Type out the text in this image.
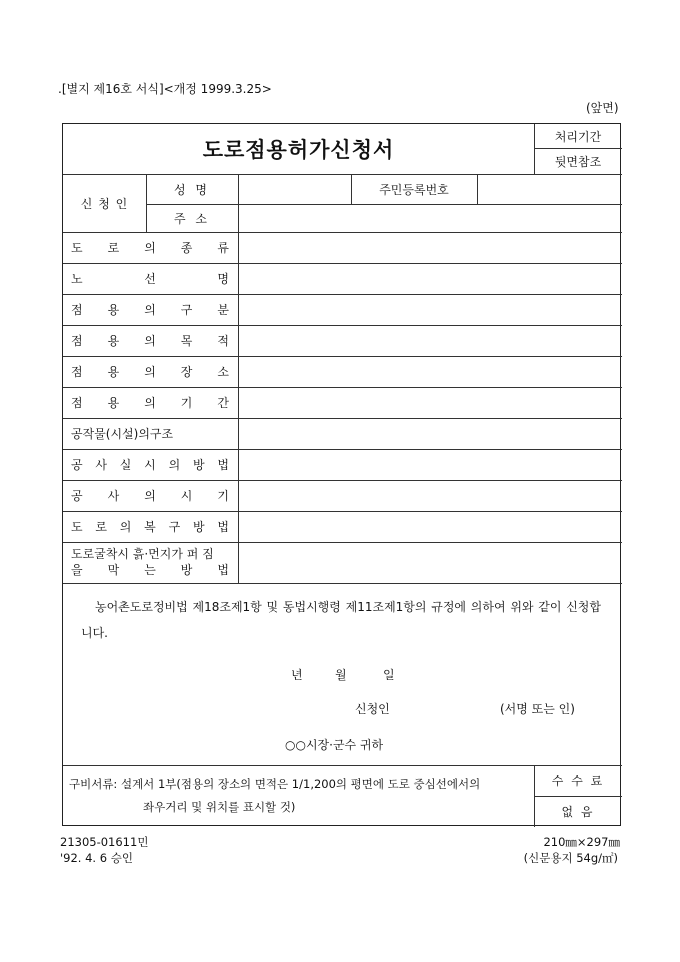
.[별지 제16호 서식]<개정 1999.3.25>
(앞면)
도로점용허가신청서
처리기간
뒷면참조
신 청 인
성 명	주민등록번호
주 소
도 로 의 종 류
노	선	명
점 용 의 구 분
점 용 의 목 적
점 용 의 장 소
점 용 의 기 간
공작물(시설)의구조
공 사 실 시 의 방 법
공 사 의 시 기
도 로 의 복 구 방 법
도로굴착시 흙·먼지가 퍼 짐
을 막 는 방 법
농어촌도로정비법 제18조제1항 및 동법시행령 제11조제1항의 규정에 의하여 위와 같이 신청합니다.
년	월	일
신청인	(서명 또는 인)
○○시장·군수 귀하
구비서류: 설계서 1부(점용의 장소의 면적은 1/1,200의 평면에 도로 중심선에서의
좌우거리 및 위치를 표시할 것)
수 수 료
없 음
21305-01611민
'92. 4. 6 승인
210㎜×297㎜
(신문용지 54g/㎡)
